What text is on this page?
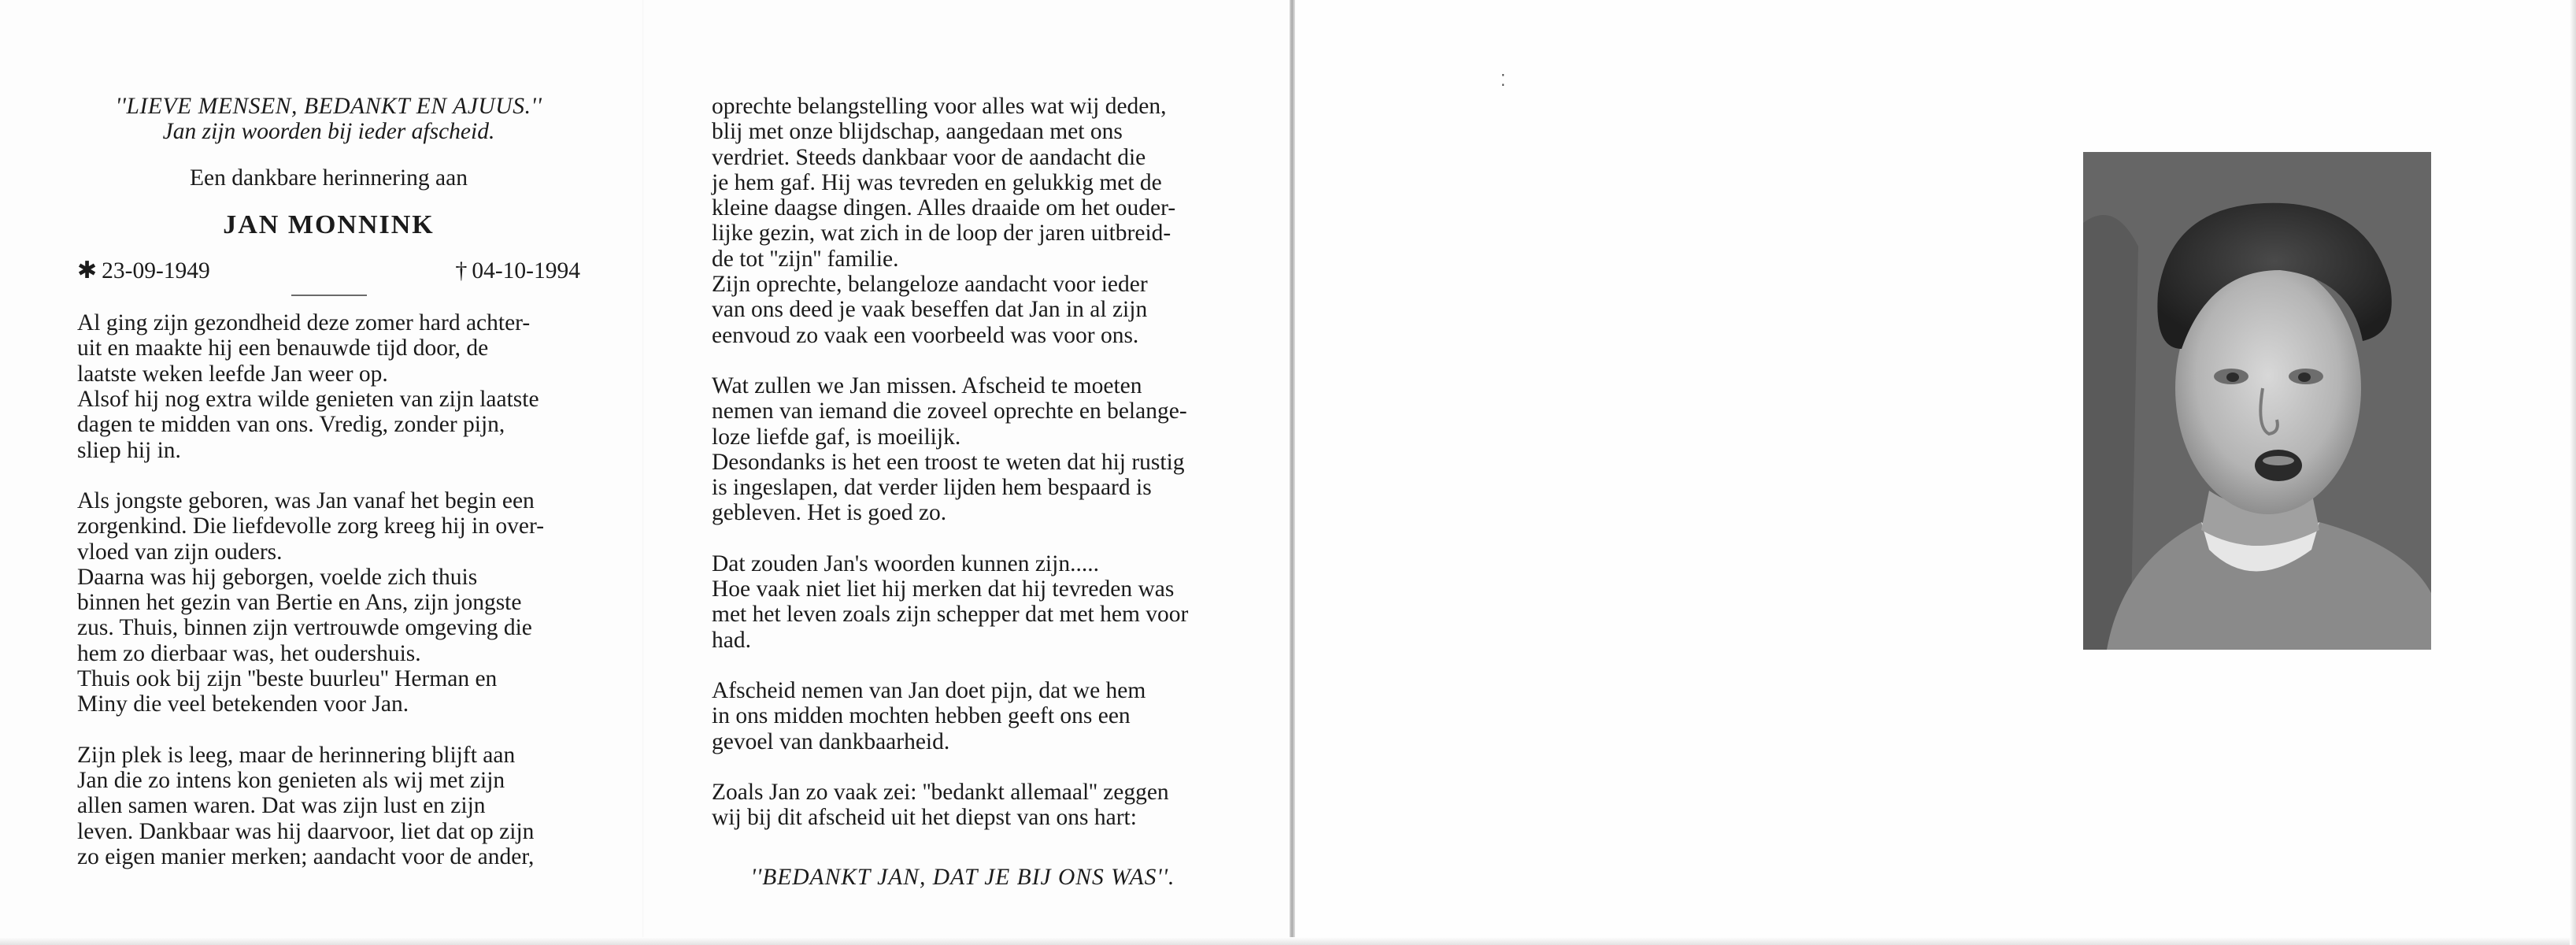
''LIEVE MENSEN, BEDANKT EN AJUUS.''

Jan zijn woorden bij ieder afscheid.

Een dankbare herinnering aan

JAN MONNINK

✱ 23-09-1949	† 04-10-1994

Al ging zijn gezondheid deze zomer hard achter-

uit en maakte hij een benauwde tijd door, de

laatste weken leefde Jan weer op.

Alsof hij nog extra wilde genieten van zijn laatste

dagen te midden van ons. Vredig, zonder pijn,

sliep hij in.

Als jongste geboren, was Jan vanaf het begin een

zorgenkind. Die liefdevolle zorg kreeg hij in over-

vloed van zijn ouders.

Daarna was hij geborgen, voelde zich thuis

binnen het gezin van Bertie en Ans, zijn jongste

zus. Thuis, binnen zijn vertrouwde omgeving die

hem zo dierbaar was, het oudershuis.

Thuis ook bij zijn ''beste buurleu'' Herman en

Miny die veel betekenden voor Jan.

Zijn plek is leeg, maar de herinnering blijft aan

Jan die zo intens kon genieten als wij met zijn

allen samen waren. Dat was zijn lust en zijn

leven. Dankbaar was hij daarvoor, liet dat op zijn

zo eigen manier merken; aandacht voor de ander,

oprechte belangstelling voor alles wat wij deden,

blij met onze blijdschap, aangedaan met ons

verdriet. Steeds dankbaar voor de aandacht die

je hem gaf. Hij was tevreden en gelukkig met de

kleine daagse dingen. Alles draaide om het ouder-

lijke gezin, wat zich in de loop der jaren uitbreid-

de tot ''zijn'' familie.

Zijn oprechte, belangeloze aandacht voor ieder

van ons deed je vaak beseffen dat Jan in al zijn

eenvoud zo vaak een voorbeeld was voor ons.

Wat zullen we Jan missen. Afscheid te moeten

nemen van iemand die zoveel oprechte en belange-

loze liefde gaf, is moeilijk.

Desondanks is het een troost te weten dat hij rustig

is ingeslapen, dat verder lijden hem bespaard is

gebleven. Het is goed zo.

Dat zouden Jan's woorden kunnen zijn.....

Hoe vaak niet liet hij merken dat hij tevreden was

met het leven zoals zijn schepper dat met hem voor

had.

Afscheid nemen van Jan doet pijn, dat we hem

in ons midden mochten hebben geeft ons een

gevoel van dankbaarheid.

Zoals Jan zo vaak zei: ''bedankt allemaal'' zeggen

wij bij dit afscheid uit het diepst van ons hart:

''BEDANKT JAN, DAT JE BIJ ONS WAS''.

⁚
